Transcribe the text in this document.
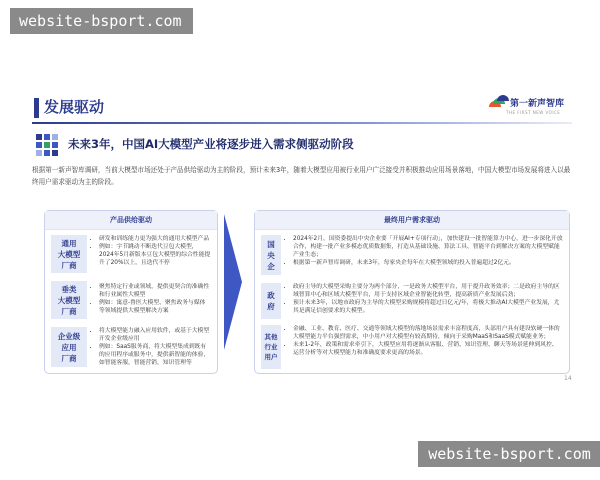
website-bsport.com
发展驱动	第一新声智库
THE FIRST NEW VOICE
未来3年，中国AI大模型产业将逐步进入需求侧驱动阶段
根据第一新声智库调研，当前大模型市场还处于产品供给驱动为主的阶段，预计未来3年，随着大模型应用被行业用户广泛接受并积极推动应用场景落地，中国大模型市场发展将进入以最终用户需求驱动为主的阶段。
产品供给驱动
通用
大模型
厂商
• 研发和训练能力更为强大的通用大模型产品
• 例如：字节跳动不断迭代豆包大模型，2024年5月新版本豆包大模型的综合性能提升了20%以上，且迭代不停
垂类
大模型
厂商
• 聚焦特定行业或领域，提供更契合的准确性和行业属性大模型
• 例如：寓意-鲁医大模型、聚焦政务与媒体等领域提供大模型解决方案
企业级
应用
厂商
• 将大模型能力融入应用软件，或基于大模型开发企业级应用
• 例如：SaaS服务商，将大模型集成到既有的应用程序或服务中，提供新智能的体验，如智能客服，智能营销，知识管理等
最终用户需求驱动
国
央
企
• 2024年2月，国资委提出中央企业要「开展AI+专项行动」，加快建设一批智能算力中心，进一步深化开放合作，构建一批产业多模态优质数据集，打造从基础设施、算法工具、智能平台到解决方案的大模型赋能产业生态；
• 根据第一新声智库调研，未来3年，每家央企每年在大模型领域的投入普遍超过2亿元。
政
府
• 政府主导的大模型采购主要分为两个部分，一是政务大模型平台，用于提升政务效率；二是政府主导的区域智算中心和区域大模型平台，用于支持区域企业智能化转型，提高新质产业发展后劲；
• 预计未来3年，以地市政府为主导的大模型采购规模将超过日亿元/年，将极大推动AI大模型产业发展，尤其是满足信创要求的大模型。
其他
行业
用户
• 金融、工业、教育、医疗、交通等领域大模型的落地场景需求丰富程度高，头部用户具有建设软硬一体的大模型能力平台强烈需求，中小用户对大模型有较高期待，倾向于采购MaaS和SaaS模式赋能业务；
• 未来1-2年，政策和需求牵引下，大模型应用将逐渐从客服、营销、知识管理、聊天等场景延伸到风控、运营分析等对大模型能力和准确度要求更高的场景。
14
website-bsport.com
